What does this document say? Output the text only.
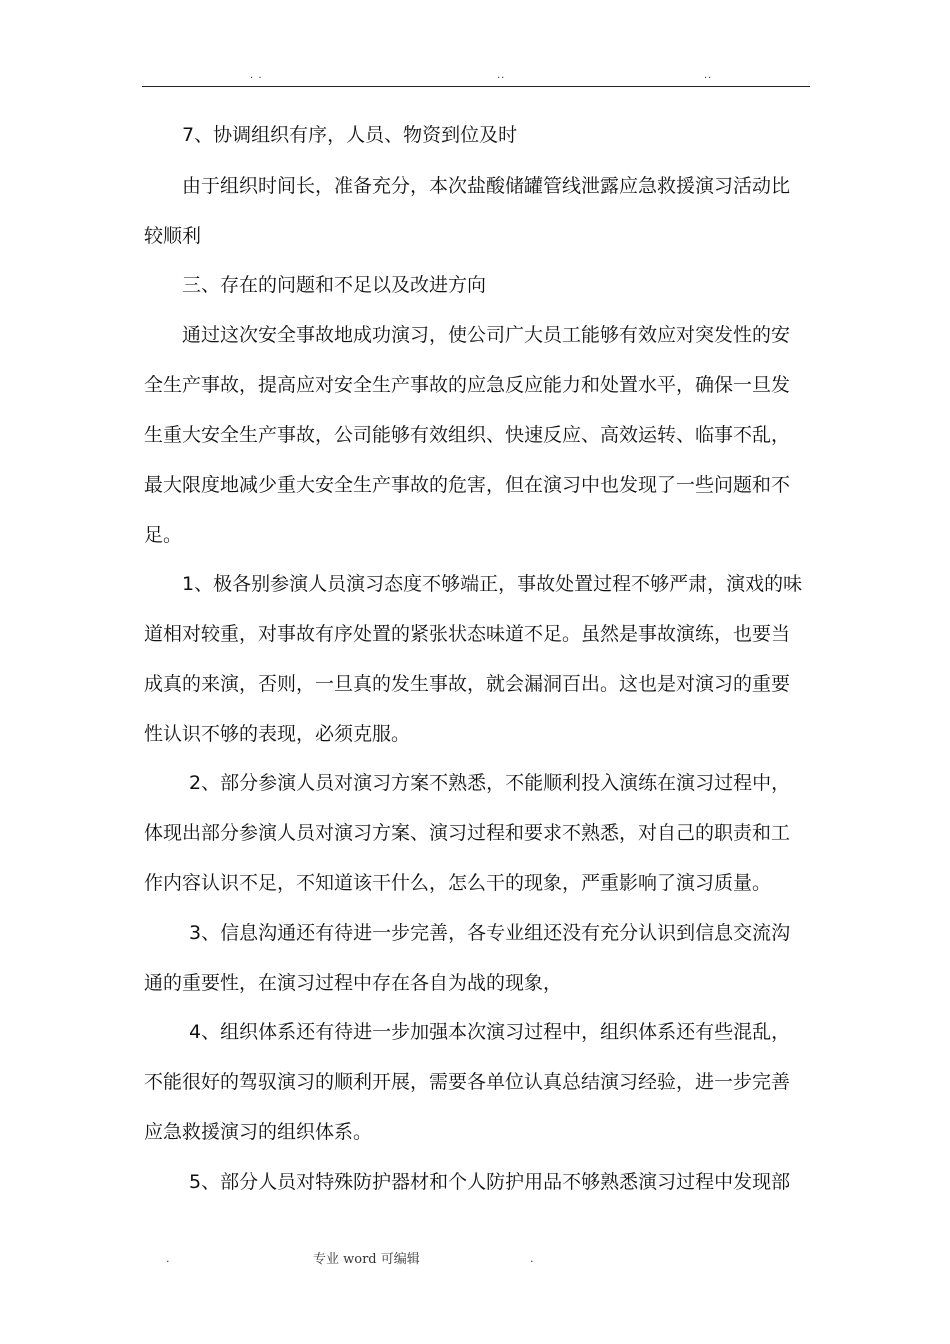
. .	..	..
7、协调组织有序，人员、物资到位及时
由于组织时间长，准备充分，本次盐酸储罐管线泄露应急救援演习活动比
较顺利
三、存在的问题和不足以及改进方向
通过这次安全事故地成功演习，使公司广大员工能够有效应对突发性的安
全生产事故，提高应对安全生产事故的应急反应能力和处置水平，确保一旦发
生重大安全生产事故，公司能够有效组织、快速反应、高效运转、临事不乱，
最大限度地减少重大安全生产事故的危害，但在演习中也发现了一些问题和不
足。
1、极各别参演人员演习态度不够端正，事故处置过程不够严肃，演戏的味
道相对较重，对事故有序处置的紧张状态味道不足。虽然是事故演练，也要当
成真的来演，否则，一旦真的发生事故，就会漏洞百出。这也是对演习的重要
性认识不够的表现，必须克服。
2、部分参演人员对演习方案不熟悉，不能顺利投入演练在演习过程中，
体现出部分参演人员对演习方案、演习过程和要求不熟悉，对自己的职责和工
作内容认识不足，不知道该干什么，怎么干的现象，严重影响了演习质量。
3、信息沟通还有待进一步完善，各专业组还没有充分认识到信息交流沟
通的重要性，在演习过程中存在各自为战的现象，
4、组织体系还有待进一步加强本次演习过程中，组织体系还有些混乱，
不能很好的驾驭演习的顺利开展，需要各单位认真总结演习经验，进一步完善
应急救援演习的组织体系。
5、部分人员对特殊防护器材和个人防护用品不够熟悉演习过程中发现部
.	专业 word 可编辑	.
